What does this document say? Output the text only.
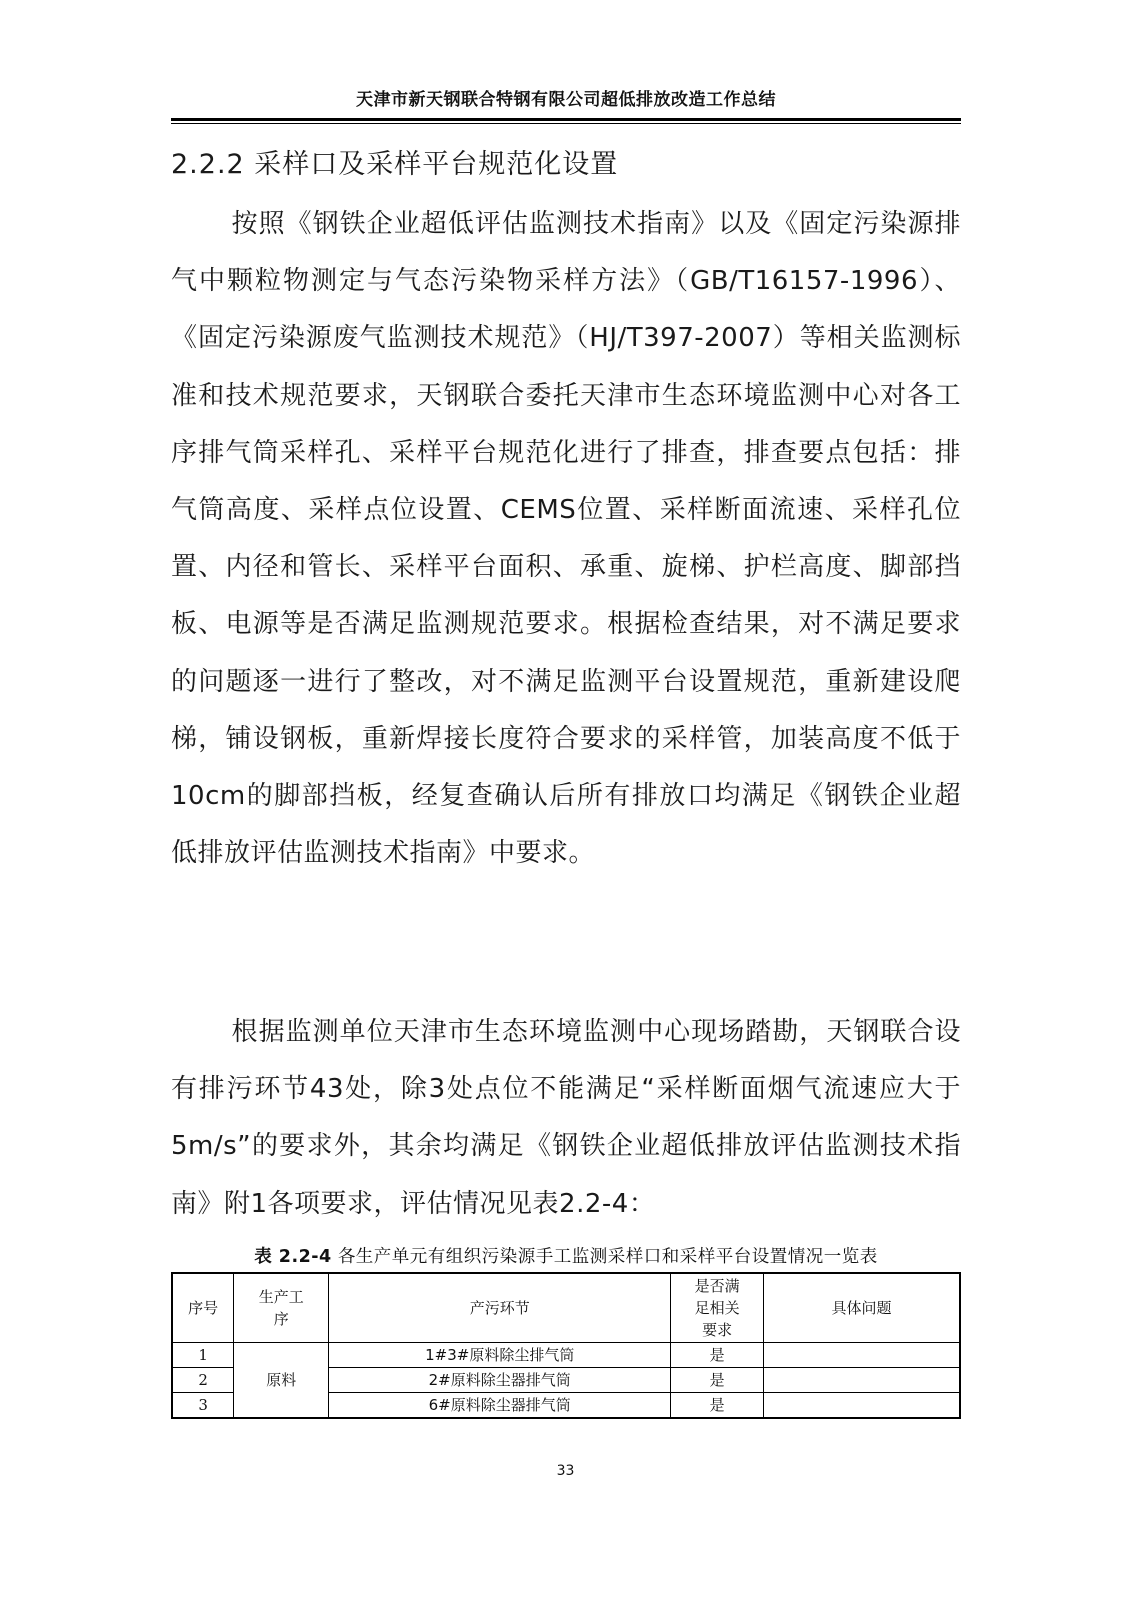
天津市新天钢联合特钢有限公司超低排放改造工作总结
2.2.2 采样口及采样平台规范化设置

按照《钢铁企业超低评估监测技术指南》以及《固定污染源排气中颗粒物测定与气态污染物采样方法》（GB/T16157-1996）、《固定污染源废气监测技术规范》（HJ/T397-2007）等相关监测标准和技术规范要求，天钢联合委托天津市生态环境监测中心对各工序排气筒采样孔、采样平台规范化进行了排查，排查要点包括：排气筒高度、采样点位设置、CEMS位置、采样断面流速、采样孔位置、内径和管长、采样平台面积、承重、旋梯、护栏高度、脚部挡板、电源等是否满足监测规范要求。根据检查结果，对不满足要求的问题逐一进行了整改，对不满足监测平台设置规范，重新建设爬梯，铺设钢板，重新焊接长度符合要求的采样管，加装高度不低于10cm的脚部挡板，经复查确认后所有排放口均满足《钢铁企业超低排放评估监测技术指南》中要求。

根据监测单位天津市生态环境监测中心现场踏勘，天钢联合设有排污环节43处，除3处点位不能满足“采样断面烟气流速应大于5m/s”的要求外，其余均满足《钢铁企业超低排放评估监测技术指南》附1各项要求，评估情况见表2.2-4：

表 2.2-4 各生产单元有组织污染源手工监测采样口和采样平台设置情况一览表
序号	生产工序	产污环节	是否满足相关要求	具体问题
1	原料	1#3#原料除尘排气筒	是	
2		2#原料除尘器排气筒	是	
3		6#原料除尘器排气筒	是	
33
